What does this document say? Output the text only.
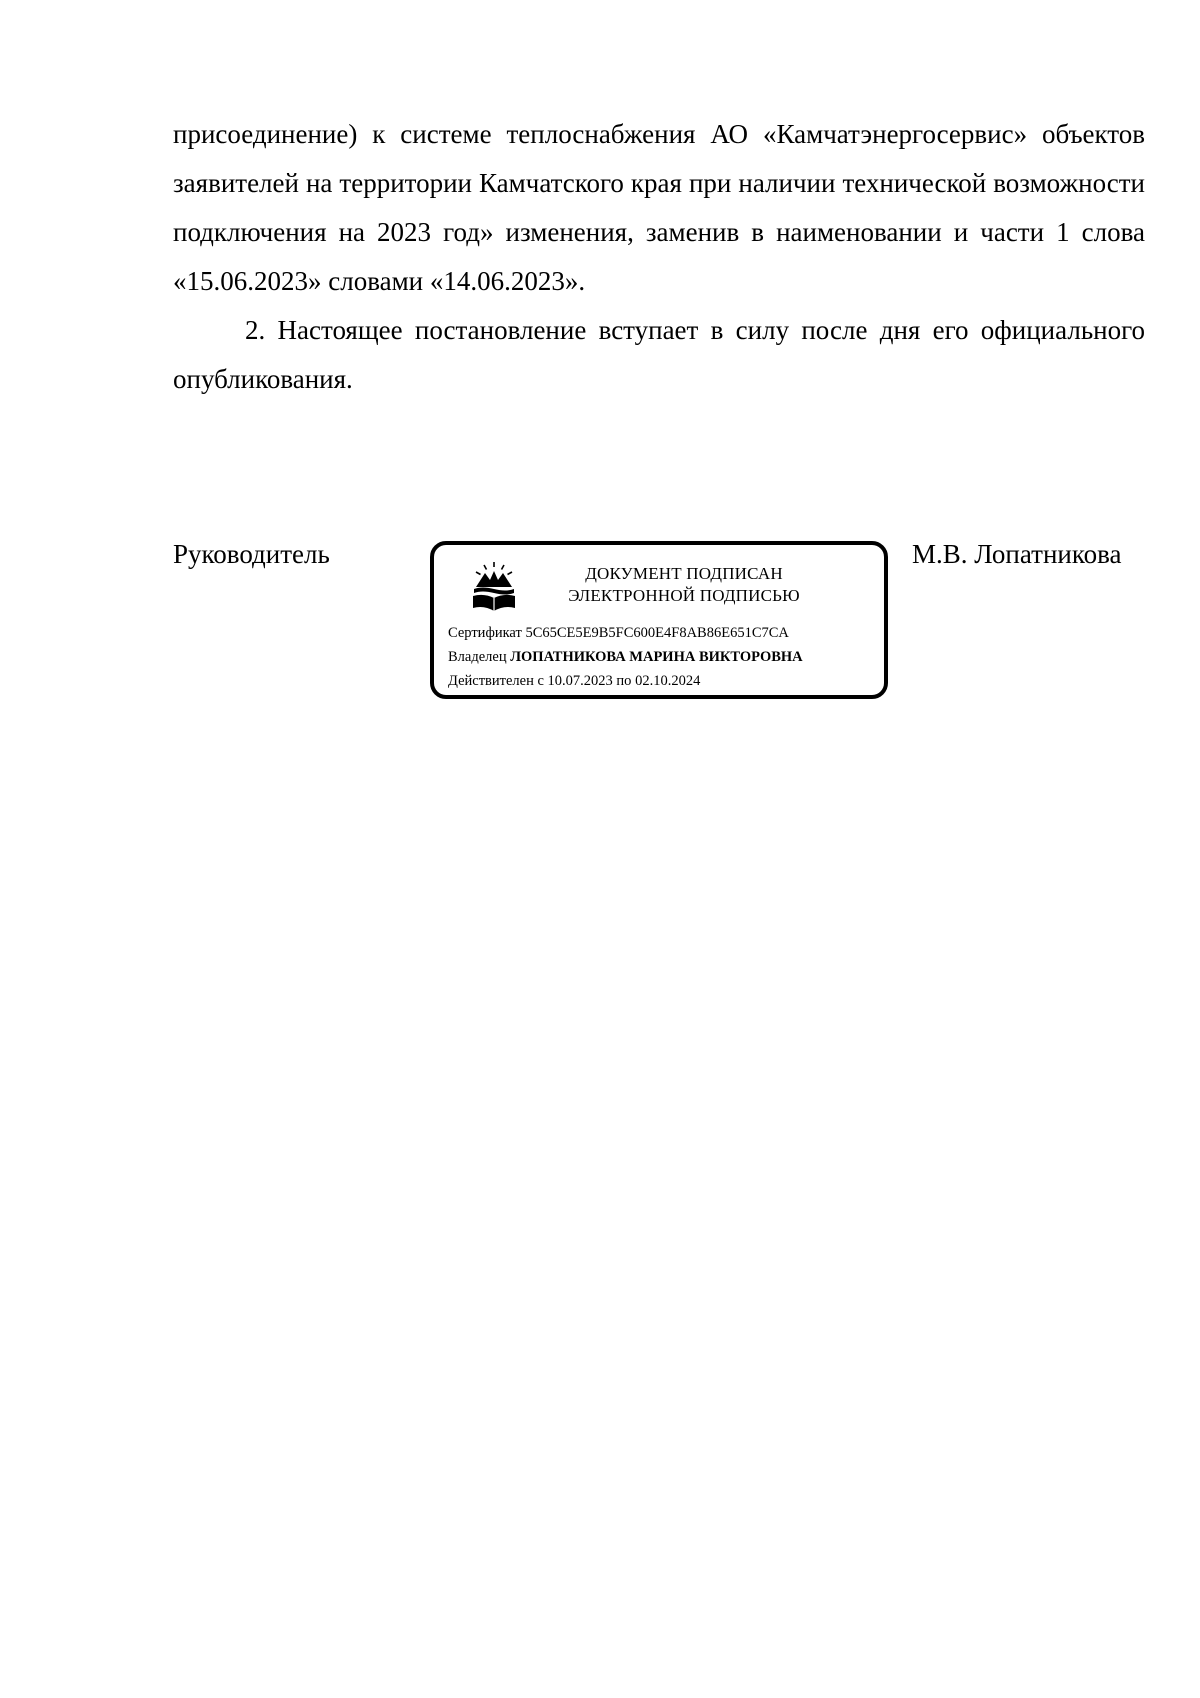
присоединение) к системе теплоснабжения АО «Камчатэнергосервис» объектов заявителей на территории Камчатского края при наличии технической возможности подключения на 2023 год» изменения, заменив в наименовании и части 1 слова «15.06.2023» словами «14.06.2023».

2. Настоящее постановление вступает в силу после дня его официального опубликования.

Руководитель
ДОКУМЕНТ ПОДПИСАН
ЭЛЕКТРОННОЙ ПОДПИСЬЮ
Сертификат 5C65CE5E9B5FC600E4F8AB86E651C7CA
Владелец ЛОПАТНИКОВА МАРИНА ВИКТОРОВНА
Действителен с 10.07.2023 по 02.10.2024
М.В. Лопатникова
